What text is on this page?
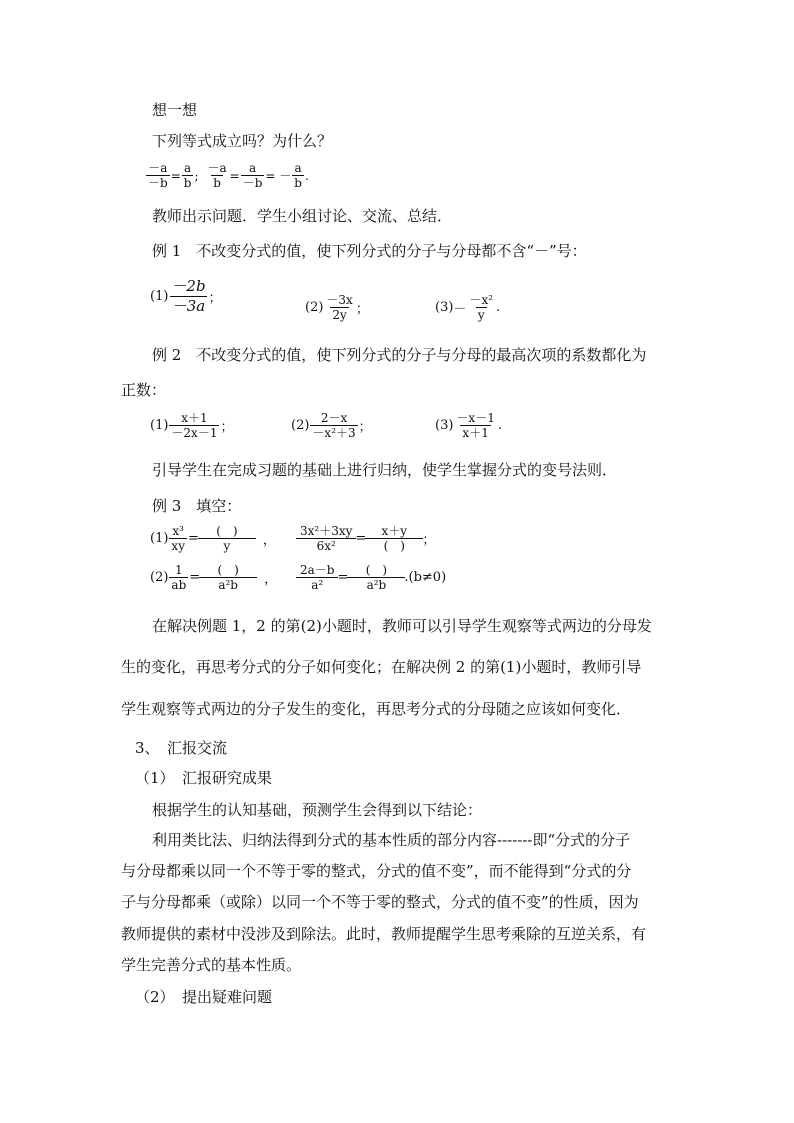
想一想
下列等式成立吗？为什么？
$\frac{-a}{-b} = \frac{a}{b}$ ; $\frac{-a}{b} = \frac{a}{-b}$ = － $\frac{a}{b}$ .
教师出示问题．学生小组讨论、交流、总结．
例 1　不改变分式的值，使下列分式的分子与分母都不含“－”号：
$(1) \frac{-2b}{-3a}$ ；
$(2) \frac{-3x}{2y}$ ；	$(3) - \frac{\text{－x²}}{y}$ .
例 2　不改变分式的值，使下列分式的分子与分母的最高次项的系数都化为
正数：
$(1) \frac{x+1}{-2x-1}$ ；	$(2) \frac{2-x}{\text{－x²＋3}}$ ；	$(3) \frac{-x-1}{x+1}$ .
引导学生在完成习题的基础上进行归纳，使学生掌握分式的变号法则．
例 3　填空：
$(1) \frac{\text{x³}}{xy} = \frac{( )}{y}$ ， $\frac{\text{3x²＋3xy}}{\text{6x²}} = \frac{x+y}{( )}$ ；
$(2) \frac{1}{ab} = \frac{( )}{\text{a²b}}$ ， $\frac{2a-b}{\text{a²}} = \frac{( )}{\text{a²b}} .(b\ne 0)$
在解决例题 1，2 的第(2)小题时，教师可以引导学生观察等式两边的分母发
生的变化，再思考分式的分子如何变化；在解决例 2 的第(1)小题时，教师引导
学生观察等式两边的分子发生的变化，再思考分式的分母随之应该如何变化．
3、　汇报交流
（1）　汇报研究成果
根据学生的认知基础，预测学生会得到以下结论：
利用类比法、归纳法得到分式的基本性质的部分内容-------即“分式的分子
与分母都乘以同一个不等于零的整式，分式的值不变”，而不能得到“分式的分
子与分母都乘（或除）以同一个不等于零的整式，分式的值不变”的性质，因为
教师提供的素材中没涉及到除法。此时，教师提醒学生思考乘除的互逆关系，有
学生完善分式的基本性质。
（2）　提出疑难问题
